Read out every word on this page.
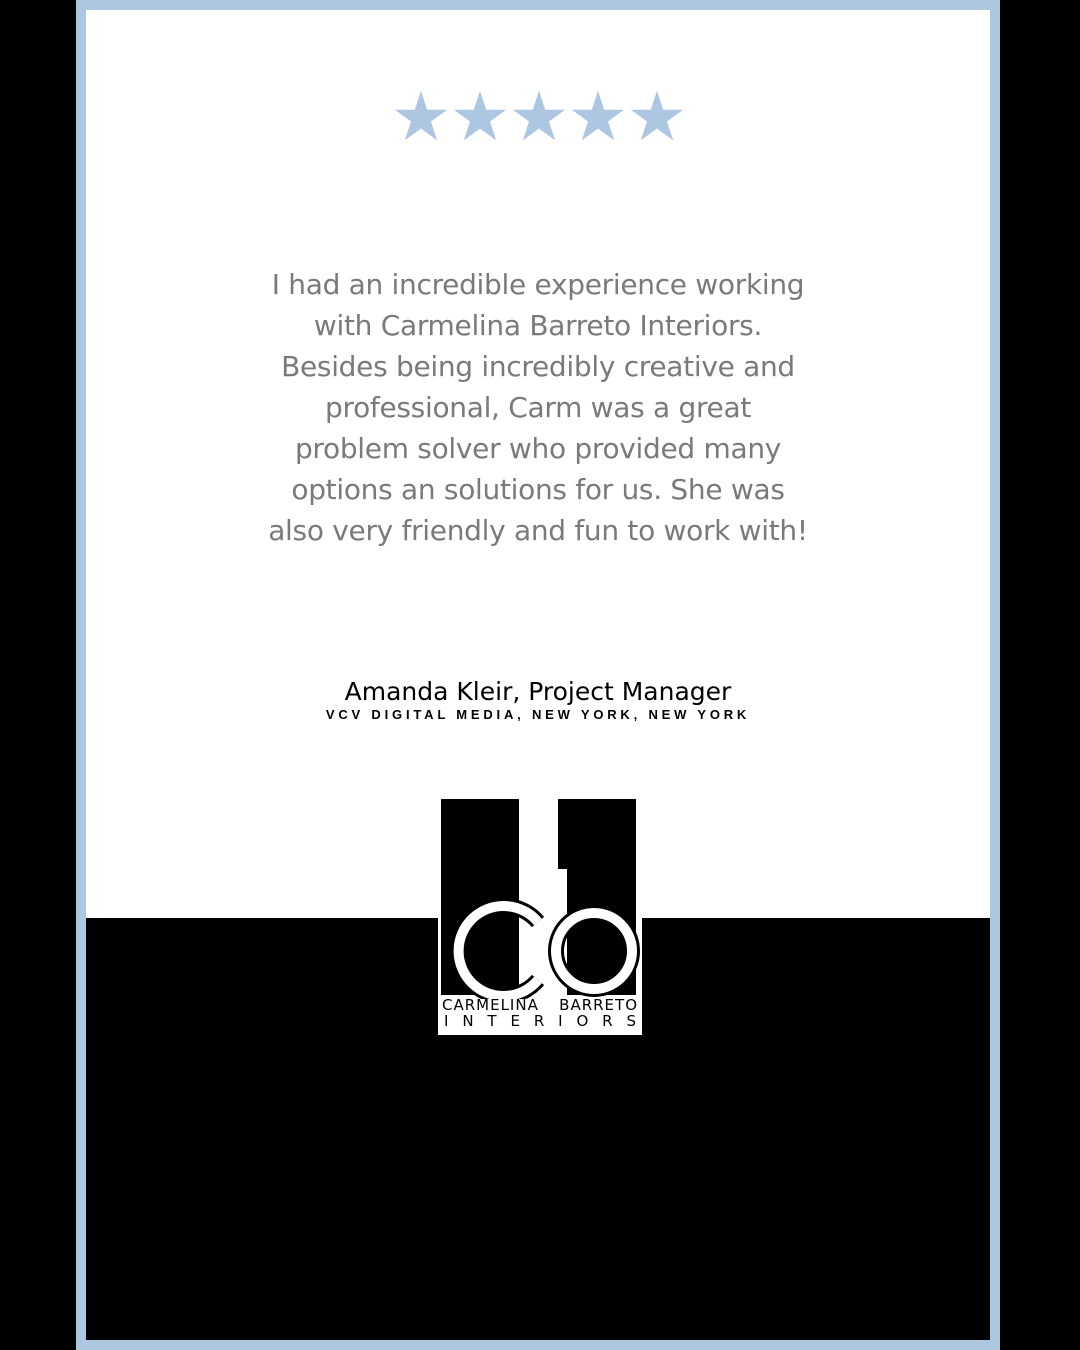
★★★★★
I had an incredible experience working with Carmelina Barreto Interiors. Besides being incredibly creative and professional, Carm was a great problem solver who provided many options an solutions for us. She was also very friendly and fun to work with!
Amanda Kleir, Project Manager
VCV DIGITAL MEDIA, NEW YORK, NEW YORK
CARMELINA BARRETO
I N T E R I O R S
